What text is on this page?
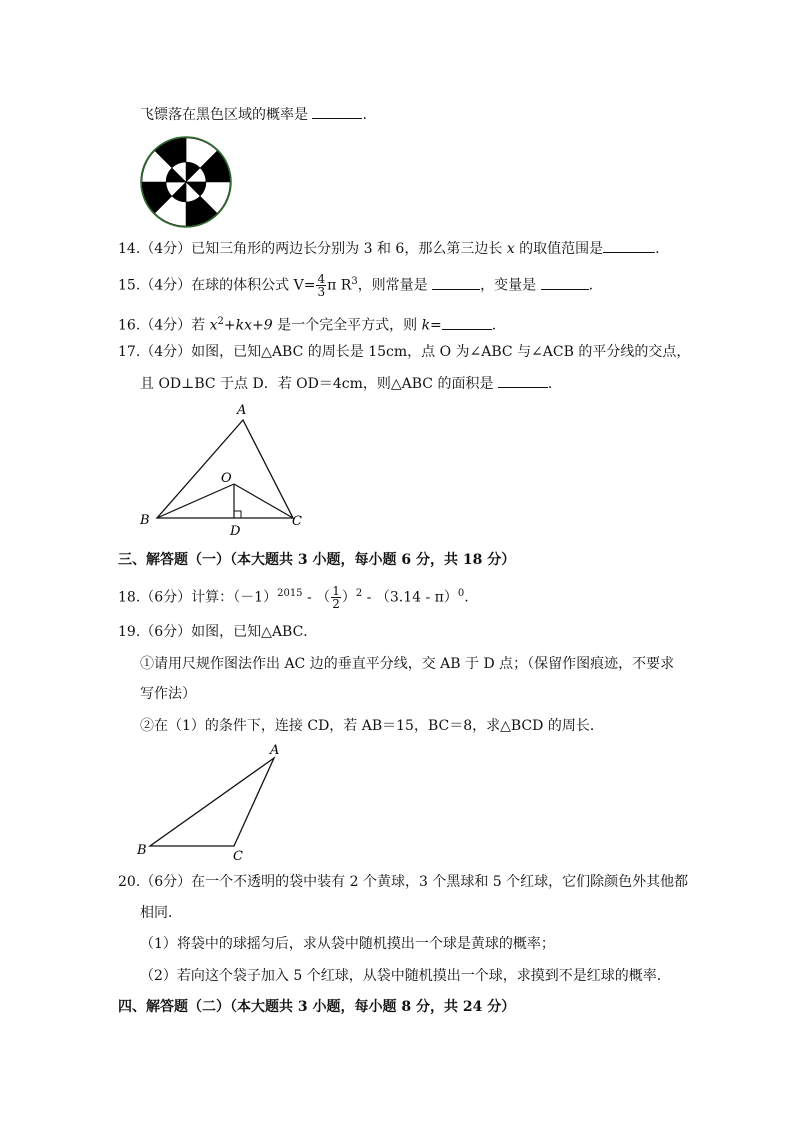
飞镖落在黑色区域的概率是	.
14.（4分）已知三角形的两边长分别为 3 和 6，那么第三边长 x 的取值范围是	.
15.（4分）在球的体积公式 $V= \frac{4}{3}$ π $R^3$，则常量是	，变量是	.
16.（4分）若 $x^2+kx+9$ 是一个完全平方式，则 k=	.
17.（4分）如图，已知△ABC 的周长是 15cm，点 O 为∠ABC 与∠ACB 的平分线的交点，
且 OD⊥BC 于点 D．若 OD＝4cm，则△ABC 的面积是	.
A
B	C
O
D
三、解答题（一）（本大题共 3 小题，每小题 6 分，共 18 分）
18.（6分）计算：$(-1)^{2015}$ - （ $\frac{1}{2} )^2 - (3.14 - \pi)^0$.
19.（6分）如图，已知△ABC．
①请用尺规作图法作出 AC 边的垂直平分线，交 AB 于 D 点；（保留作图痕迹，不要求
写作法）
②在（1）的条件下，连接 CD，若 AB＝15，BC＝8，求△BCD 的周长．
A
B	C
20.（6分）在一个不透明的袋中装有 2 个黄球，3 个黑球和 5 个红球，它们除颜色外其他都
相同．
（1）将袋中的球摇匀后，求从袋中随机摸出一个球是黄球的概率；
（2）若向这个袋子加入 5 个红球，从袋中随机摸出一个球，求摸到不是红球的概率．
四、解答题（二）（本大题共 3 小题，每小题 8 分，共 24 分）
